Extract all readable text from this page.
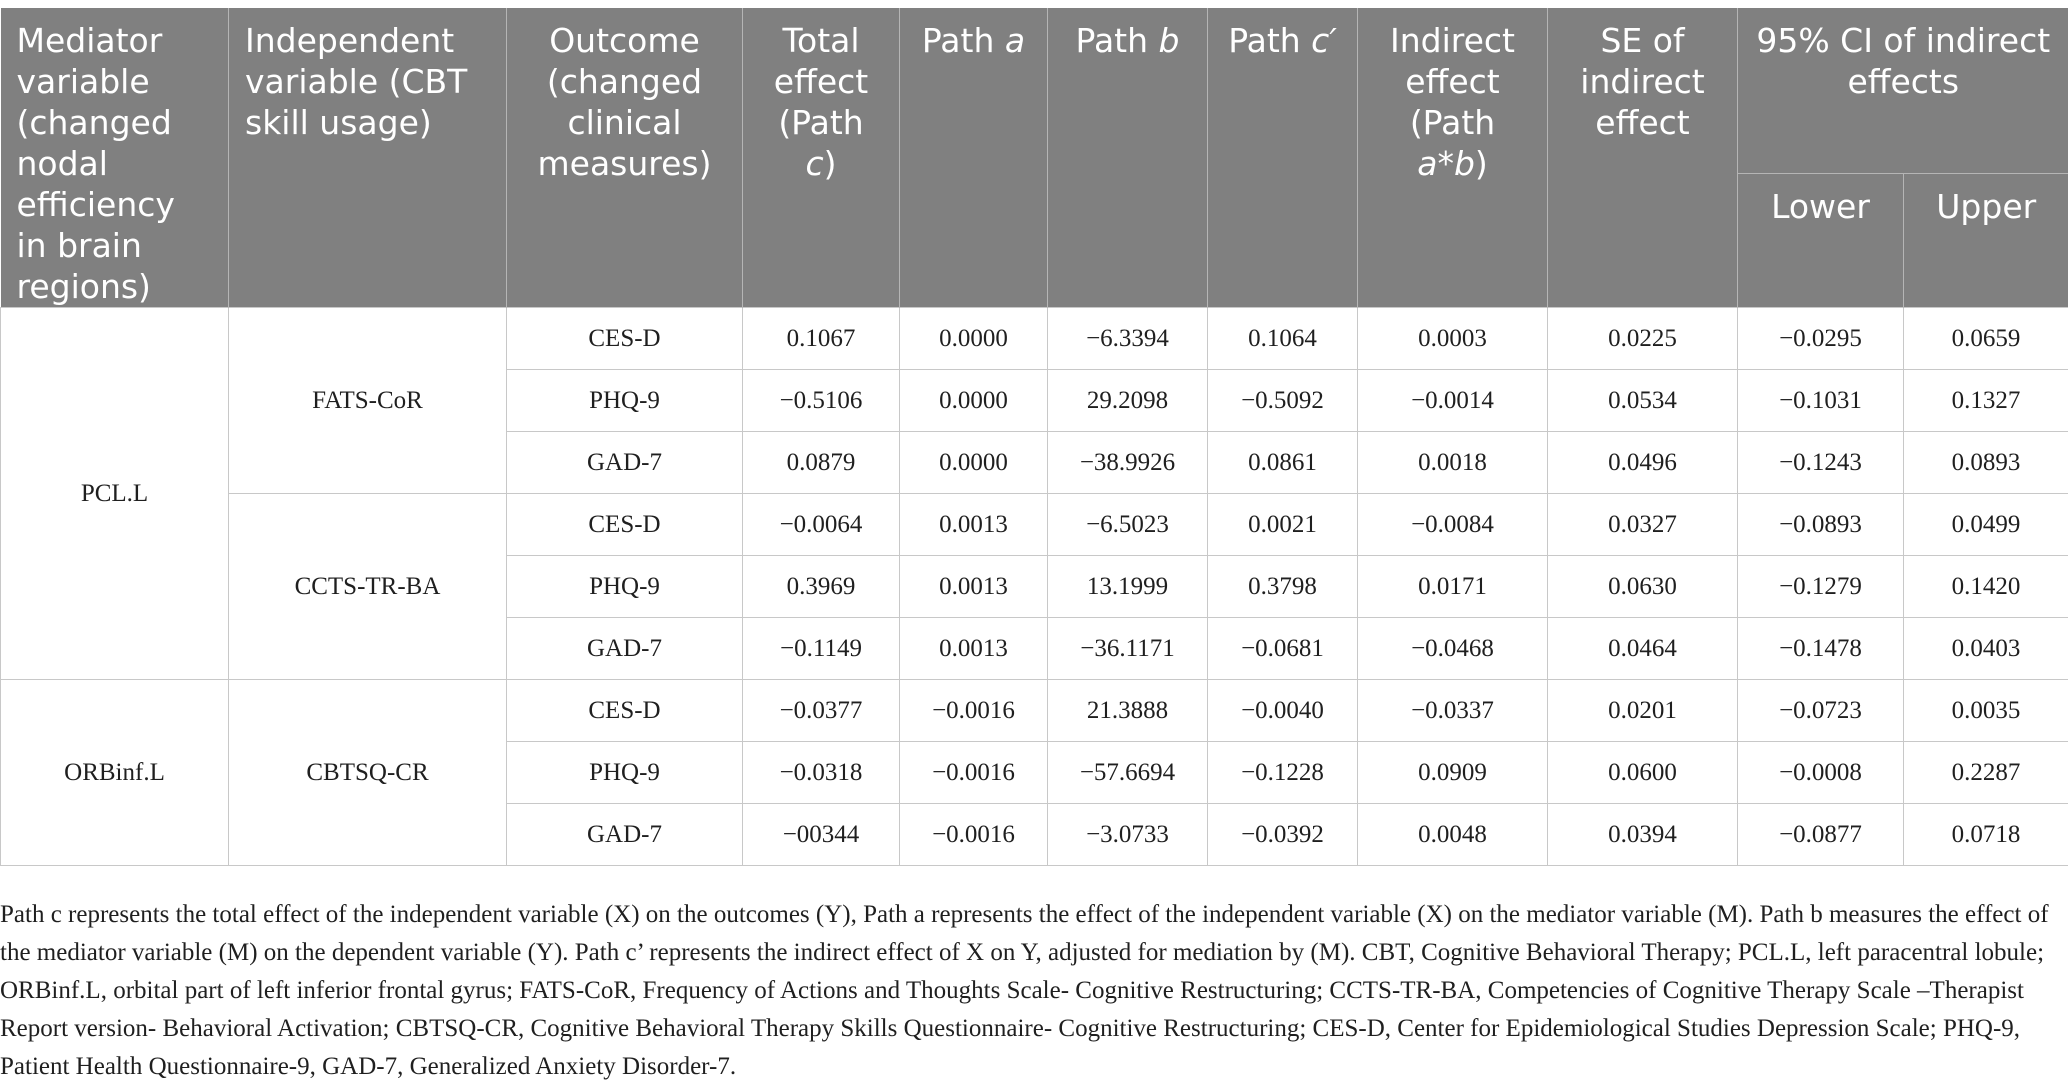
Mediator variable (changed nodal efficiency in brain regions)	Independent variable (CBT skill usage)	Outcome (changed clinical measures)	Total effect (Path c)	Path a	Path b	Path c′	Indirect effect (Path a*b)	SE of indirect effect	95% CI of indirect effects	
									Lower	Upper
PCL.L	FATS-CoR	CES-D	0.1067	0.0000	−6.3394	0.1064	0.0003	0.0225	−0.0295	0.0659
		PHQ-9	−0.5106	0.0000	29.2098	−0.5092	−0.0014	0.0534	−0.1031	0.1327
		GAD-7	0.0879	0.0000	−38.9926	0.0861	0.0018	0.0496	−0.1243	0.0893
	CCTS-TR-BA	CES-D	−0.0064	0.0013	−6.5023	0.0021	−0.0084	0.0327	−0.0893	0.0499
		PHQ-9	0.3969	0.0013	13.1999	0.3798	0.0171	0.0630	−0.1279	0.1420
		GAD-7	−0.1149	0.0013	−36.1171	−0.0681	−0.0468	0.0464	−0.1478	0.0403
ORBinf.L	CBTSQ-CR	CES-D	−0.0377	−0.0016	21.3888	−0.0040	−0.0337	0.0201	−0.0723	0.0035
		PHQ-9	−0.0318	−0.0016	−57.6694	−0.1228	0.0909	0.0600	−0.0008	0.2287
		GAD-7	−00344	−0.0016	−3.0733	−0.0392	0.0048	0.0394	−0.0877	0.0718
Path c represents the total effect of the independent variable (X) on the outcomes (Y), Path a represents the effect of the independent variable (X) on the mediator variable (M). Path b measures the effect of the mediator variable (M) on the dependent variable (Y). Path c’ represents the indirect effect of X on Y, adjusted for mediation by (M). CBT, Cognitive Behavioral Therapy; PCL.L, left paracentral lobule; ORBinf.L, orbital part of left inferior frontal gyrus; FATS-CoR, Frequency of Actions and Thoughts Scale- Cognitive Restructuring; CCTS-TR-BA, Competencies of Cognitive Therapy Scale –Therapist Report version- Behavioral Activation; CBTSQ-CR, Cognitive Behavioral Therapy Skills Questionnaire- Cognitive Restructuring; CES-D, Center for Epidemiological Studies Depression Scale; PHQ-9, Patient Health Questionnaire-9, GAD-7, Generalized Anxiety Disorder-7.
